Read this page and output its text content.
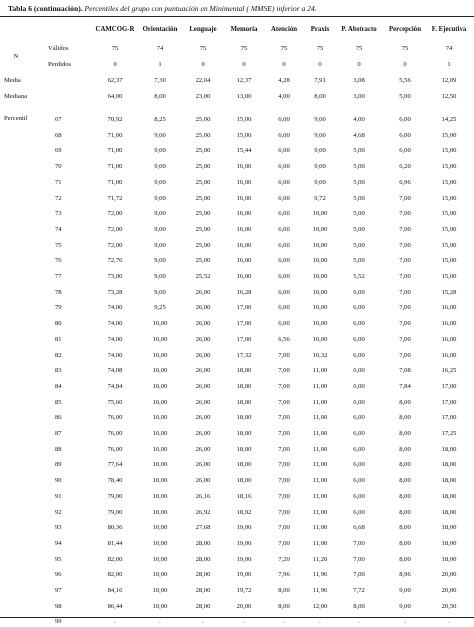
Tabla 6 (continuación). Percentiles del grupo con puntuación en Minimental ( MMSE) inferior a 24.
CAMCOG-R	Orientación	Lenguaje	Memoria	Atención	Praxis	P. Abstracto	Percepción	F. Ejecutiva
N
Válidos	75	74	75	75	75	75	75	75	74
Perdidos	0	1	0	0	0	0	0	0	1
Media	62,37	7,30	22,04	12,37	4,28	7,91	3,08	5,56	12,09
Mediana	64,00	8,00	23,00	13,00	4,00	8,00	3,00	5,00	12,50
Percentil	67	70,92	8,25	25,00	15,00	6,00	9,00	4,00	6,00	14,25
68	71,00	9,00	25,00	15,00	6,00	9,00	4,68	6,00	15,00
69	71,00	9,00	25,00	15,44	6,00	9,00	5,00	6,00	15,00
70	71,00	9,00	25,00	16,00	6,00	9,00	5,00	6,20	15,00
71	71,00	9,00	25,00	16,00	6,00	9,00	5,00	6,96	15,00
72	71,72	9,00	25,00	16,00	6,00	9,72	5,00	7,00	15,00
73	72,00	9,00	25,00	16,00	6,00	10,00	5,00	7,00	15,00
74	72,00	9,00	25,00	16,00	6,00	10,00	5,00	7,00	15,00
75	72,00	9,00	25,00	16,00	6,00	10,00	5,00	7,00	15,00
76	72,76	9,00	25,00	16,00	6,00	10,00	5,00	7,00	15,00
77	73,00	9,00	25,52	16,00	6,00	10,00	5,52	7,00	15,00
78	73,28	9,00	26,00	16,28	6,00	10,00	6,00	7,00	15,28
79	74,00	9,25	26,00	17,00	6,00	10,00	6,00	7,00	16,00
80	74,00	10,00	26,00	17,00	6,00	10,00	6,00	7,00	16,00
81	74,00	10,00	26,00	17,00	6,56	10,00	6,00	7,00	16,00
82	74,00	10,00	26,00	17,32	7,00	10,32	6,00	7,00	16,00
83	74,08	10,00	26,00	18,00	7,00	11,00	6,00	7,08	16,25
84	74,84	10,00	26,00	18,00	7,00	11,00	6,00	7,84	17,00
85	75,60	10,00	26,00	18,00	7,00	11,00	6,00	8,00	17,00
86	76,00	10,00	26,00	18,00	7,00	11,00	6,00	8,00	17,00
87	76,00	10,00	26,00	18,00	7,00	11,00	6,00	8,00	17,25
88	76,00	10,00	26,00	18,00	7,00	11,00	6,00	8,00	18,00
89	77,64	10,00	26,00	18,00	7,00	11,00	6,00	8,00	18,00
90	78,40	10,00	26,00	18,00	7,00	11,00	6,00	8,00	18,00
91	79,00	10,00	26,16	18,16	7,00	11,00	6,00	8,00	18,00
92	79,00	10,00	26,92	18,92	7,00	11,00	6,00	8,00	18,00
93	80,36	10,00	27,68	19,00	7,00	11,00	6,68	8,00	18,00
94	81,44	10,00	28,00	19,00	7,00	11,00	7,00	8,00	18,00
95	82,00	10,00	28,00	19,00	7,20	11,20	7,00	8,00	18,00
96	82,00	10,00	28,00	19,00	7,96	11,96	7,00	8,96	20,00
97	84,16	10,00	28,00	19,72	8,00	11,96	7,72	9,00	20,00
98	86,44	10,00	28,00	20,00	8,00	12,00	8,00	9,00	20,50
99	.	.	.	.	.	.	.	.	.
